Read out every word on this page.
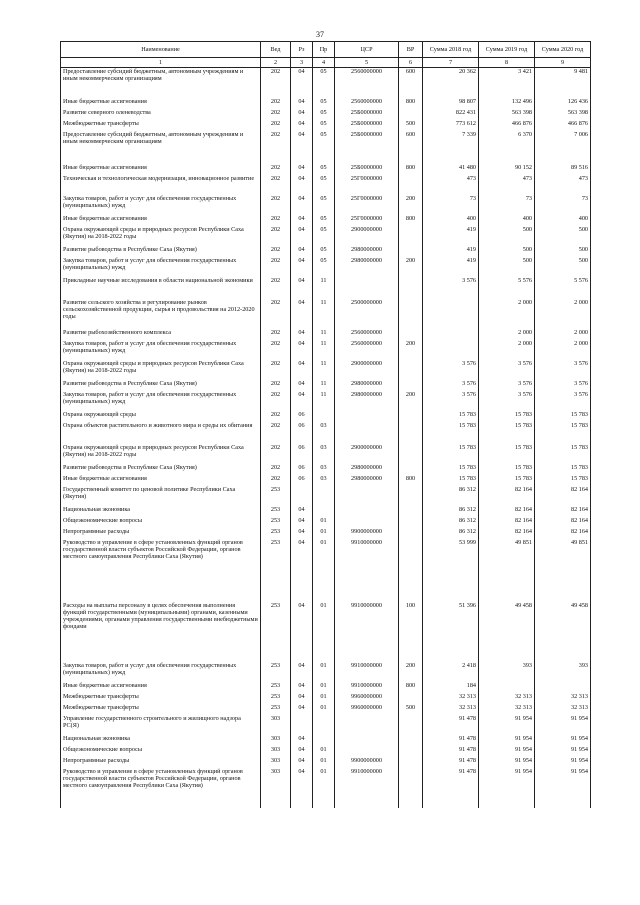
37
Наименование	Вед	Рз	Пр	ЦСР	ВР	Сумма 2018 год	Сумма 2019 год	Сумма 2020 год
1	2	3	4	5	6	7	8	9
Предоставление субсидий бюджетным, автономным учреждениям и иным некоммерческим организациям	202	04	05	2560000000	600	20 362	3 421	9 481
Иные бюджетные ассигнования	202	04	05	2560000000	800	98 807	132 496	126 436
Развитие северного оленеводства	202	04	05	25Б0000000		822 431	563 398	563 398
Межбюджетные трансферты	202	04	05	25Б0000000	500	773 612	466 876	466 876
Предоставление субсидий бюджетным, автономным учреждениям и иным некоммерческим организациям	202	04	05	25Б0000000	600	7 339	6 370	7 006
Иные бюджетные ассигнования	202	04	05	25Б0000000	800	41 480	90 152	89 516
Техническая и технологическая модернизация, инновационное развитие	202	04	05	25Г0000000		473	473	473
Закупка товаров, работ и услуг для обеспечения государственных (муниципальных) нужд	202	04	05	25Г0000000	200	73	73	73
Иные бюджетные ассигнования	202	04	05	25Г0000000	800	400	400	400
Охрана окружающей среды и природных ресурсов Республики Саха (Якутия) на 2018-2022 годы	202	04	05	2900000000		419	500	500
Развитие рыбоводства в Республике Саха (Якутия)	202	04	05	2980000000		419	500	500
Закупка товаров, работ и услуг для обеспечения государственных (муниципальных) нужд	202	04	05	2980000000	200	419	500	500
Прикладные научные исследования в области национальной экономики	202	04	11			3 576	5 576	5 576
Развитие сельского хозяйства и регулирование рынков сельскохозяйственной продукции, сырья и продовольствия на 2012-2020 годы	202	04	11	2500000000			2 000	2 000
Развитие рыбохозяйственного комплекса	202	04	11	2560000000			2 000	2 000
Закупка товаров, работ и услуг для обеспечения государственных (муниципальных) нужд	202	04	11	2560000000	200		2 000	2 000
Охрана окружающей среды и природных ресурсов Республики Саха (Якутия) на 2018-2022 годы	202	04	11	2900000000		3 576	3 576	3 576
Развитие рыбоводства в Республике Саха (Якутия)	202	04	11	2980000000		3 576	3 576	3 576
Закупка товаров, работ и услуг для обеспечения государственных (муниципальных) нужд	202	04	11	2980000000	200	3 576	3 576	3 576
Охрана окружающей среды	202	06				15 783	15 783	15 783
Охрана объектов растительного и животного мира и среды их обитания	202	06	03			15 783	15 783	15 783
Охрана окружающей среды и природных ресурсов Республики Саха (Якутия) на 2018-2022 годы	202	06	03	2900000000		15 783	15 783	15 783
Развитие рыбоводства в Республике Саха (Якутия)	202	06	03	2980000000		15 783	15 783	15 783
Иные бюджетные ассигнования	202	06	03	2980000000	800	15 783	15 783	15 783
Государственный комитет по ценовой политике Республики Саха (Якутия)	253					86 312	82 164	82 164
Национальная экономика	253	04				86 312	82 164	82 164
Общеэкономические вопросы	253	04	01			86 312	82 164	82 164
Непрограммные расходы	253	04	01	9900000000		86 312	82 164	82 164
Руководство и управление в сфере установленных функций органов государственной власти субъектов Российской Федерации, органов местного самоуправления Республики Саха (Якутия)	253	04	01	9910000000		53 999	49 851	49 851
Расходы на выплаты персоналу в целях обеспечения выполнения функций государственными (муниципальными) органами, казенными учреждениями, органами управления государственными внебюджетными фондами	253	04	01	9910000000	100	51 396	49 458	49 458
Закупка товаров, работ и услуг для обеспечения государственных (муниципальных) нужд	253	04	01	9910000000	200	2 418	393	393
Иные бюджетные ассигнования	253	04	01	9910000000	800	184		
Межбюджетные трансферты	253	04	01	9960000000		32 313	32 313	32 313
Межбюджетные трансферты	253	04	01	9960000000	500	32 313	32 313	32 313
Управление государственного строительного и жилищного надзора РС(Я)	303					91 478	91 954	91 954
Национальная экономика	303	04				91 478	91 954	91 954
Общеэкономические вопросы	303	04	01			91 478	91 954	91 954
Непрограммные расходы	303	04	01	9900000000		91 478	91 954	91 954
Руководство и управление в сфере установленных функций органов государственной власти субъектов Российской Федерации, органов местного самоуправления Республики Саха (Якутия)	303	04	01	9910000000		91 478	91 954	91 954
